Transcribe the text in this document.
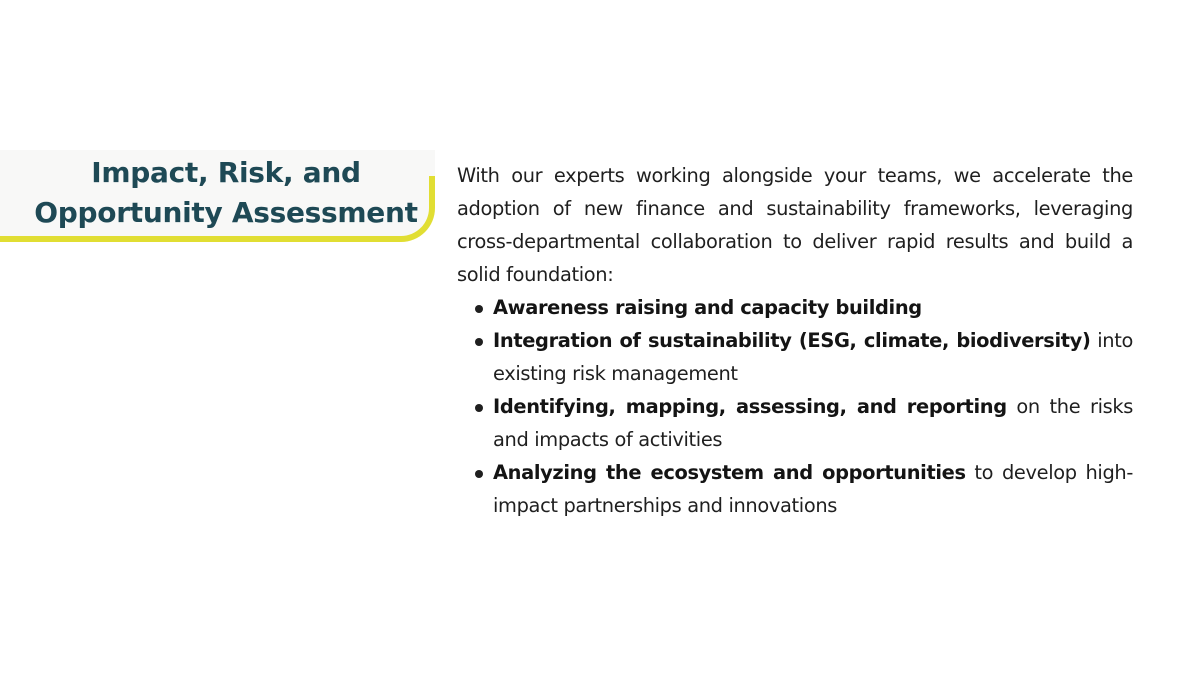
Impact, Risk, and
Opportunity Assessment

With our experts working alongside your teams, we accelerate the adoption of new finance and sustainability frameworks, leveraging cross-departmental collaboration to deliver rapid results and build a solid foundation:

Awareness raising and capacity building
Integration of sustainability (ESG, climate, biodiversity) into existing risk management
Identifying, mapping, assessing, and reporting on the risks and impacts of activities
Analyzing the ecosystem and opportunities to develop high-impact partnerships and innovations
